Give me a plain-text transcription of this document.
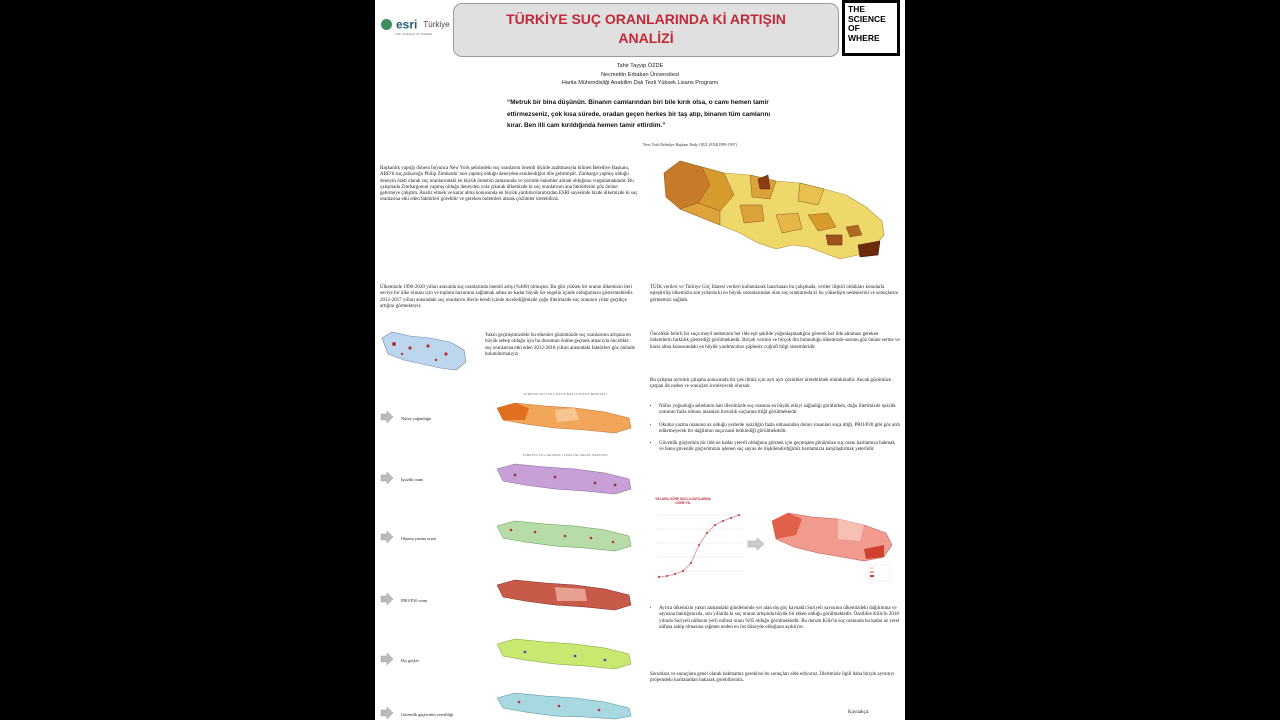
esri Türkiye
THE SCIENCE OF WHERE
TÜRKİYE SUÇ ORANLARINDA Kİ ARTIŞIN
ANALİZİ
THE
SCIENCE
OF
WHERE
Tahir Tayyip ÖZDE
Necmettin Erbakan Üniversitesi
Harita Mühendisliği Anabilim Dalı Tezli Yüksek Lisans Programı
“Metruk bir bina düşünün. Binanın camlarından biri bile kırık olsa, o camı hemen tamir ettirmezseniz, çok kısa sürede, oradan geçen herkes bir taş atıp, binanın tüm camlarını kırar. Ben illi cam kırıldığında hemen tamir ettirdim.”
New York Belediye Başkanı Rudy GIULIANI(1989-1997)
Başkanlık yaptığı dönem boyunca New York şehrindeki suç oranlarını önemli ölçüde azaltmasıyla bilinen Belediye Başkanı, ABD'li suç psikoloğu Philip Zimbardo' nun yapmış olduğu deneyden esinlendiğini dile getirmiştir. Zimbargo yapmış olduğu deneyin özeti olarak suç oranlarındaki en büyük önlemin zamanında ve yerinde önlemler almak olduğunu vurgulamaktadır. Bu çalışmada Zimbargonun yapmış olduğu deneyden yola çıkarak ülkemizde ki suç oranlarının ana faktörlerini göz önüne getirmeye çalıştım. Analiz etmek ve karar alma konusunda en büyük yardımcılarımızdan ESRI sayesinde bizde ülkemizde ki suç oranlarına etki eden faktörleri görebilir ve gereken önlemleri alarak çözümler üretebiliriz.
Ülkemizde 1990-2020 yılları arasında suç oranlarında önemli artış (%400) olmuştur. Bu gibi yüksek bir oranın ülkemizin ileri seviye bir ülke olması için ve toplum huzurunu sağlamak adına ne kadar büyük bir engelin içinde olduğumuzu göstermektedir. 2012-2017 yılları arasındaki suç oranlarını illerin kendi içinde incelediğimizde çoğu illerimizde suç oranının yıllar geçtikçe artığını görmekteyiz
Yakın geçmişimizdeki bu etkenler günümüzde suç oranlarının artışına en büyük sebep olduğu için bu durumun önüne geçmek amacıyla öncelikle suç oranlarına etki eden 2012-2018 yılları arasındaki faktörleri göz önünde bulundurmalıyız
$^{Nüfus yoğunluğu}$
$^{İşsizlik oranı}$
$^{Okuma yazma oranı}$
$^{PRO/P20 oranı}$
$^{Dış göçler}$
$^{Güvenlik güçlerinin yeterliliği}$
TÜRKİYE 2012 YILI İLLER BAZLI NÜFUS HARİTASI
TÜRKİYE YILLAR BAZLI İŞSİZLİK ORANI HARİTASI
TÜİK verileri ve Türkiye Göç İdaresi verileri kullanılarak hazırlanan bu çalışmada, veriler ilişkili oldukları konularla eşleştirilip ülkemizin son yıllarda ki en büyük sorunlarından olan suç oranlarında ki bu yükselişin nedenlerini ve sonuçlarını görmemizi sağladı.
Öncelikle belirli bir suça meyil nedeninin her ilde eşit şekilde yoğunlaşmadığını görerek her ilde alınması gereken önlemlerin farklılık gösterdiği görülmektedir. Birçok verinin ve birçok ilin bulunduğu ülkemizde sorunu göz önüne serme ve karar alma konusundaki en büyük yardımcımız şüphesiz coğrafi bilgi sistemleridir.
Bu çalışma ayrıntılı çalışma sonucunda bir çok ilimiz için ayrı ayrı çözümler üretebilmek mümkündür. Ancak gözümüze çarpan ilk neden ve sonuçları inceleyecek olursak:
• Nüfus yoğunluğu sebebinin batı illerimizde suç oranına en büyük etkiyi sağladığı görülürken, doğu illerimizde işsizlik oranının fazla olması insanları hırsızlık suçlarına ittiği görülmektedir
• Okuma yazma oranının az olduğu yerlerde işsizliğin fazla olmasından dolayı insanları suça ittiği, PRO/P20 gibi göz ardı edilemeyecek bir dağılımın suça nasıl tetiklediği görülmektedir.
• Güvenlik güçlerinin bir ilde ne kadar yeterli olduğunu görmek için geçmişten günümüze suç oranı haritamıza bakmak ve bunu güvenlik güçlerimizin işlenen suç sayısı ile ilişkilendirdiğimiz haritamızla karşılaştırmak yeterlidir.
YILLARA GÖRE SUÇLU SAYILARINA GÖRE YIL
• Ayrıca ülkemizin yakın zamandaki gündeminde yer alan dış göç kaynaklı Suriyeli sayısının ülkemizdeki dağılımına ve sayısına baktığımızda, son yıllarda ki suç oranın artışında büyük bir etken olduğu görülmektedir. Özellikle Kilis'in 2018 yılında Suriyeli nüfusun yerli nüfusa oranı %95 olduğu görülmektedir. Bu durum Kilis'in suç oranında bu kadar az yerel nüfusa sahip olmasına rağmen neden en üst düzeyde olduğunu açıklıyor.
Sorunlara ve sonuçlara genel olarak bakmamız gerekirse bu sonuçları elde ediyoruz. İllerimizle ilgili daha birçok ayrıntıyı projemdeki haritalardan bakarak görebilirsiniz.
Kaynakça:
